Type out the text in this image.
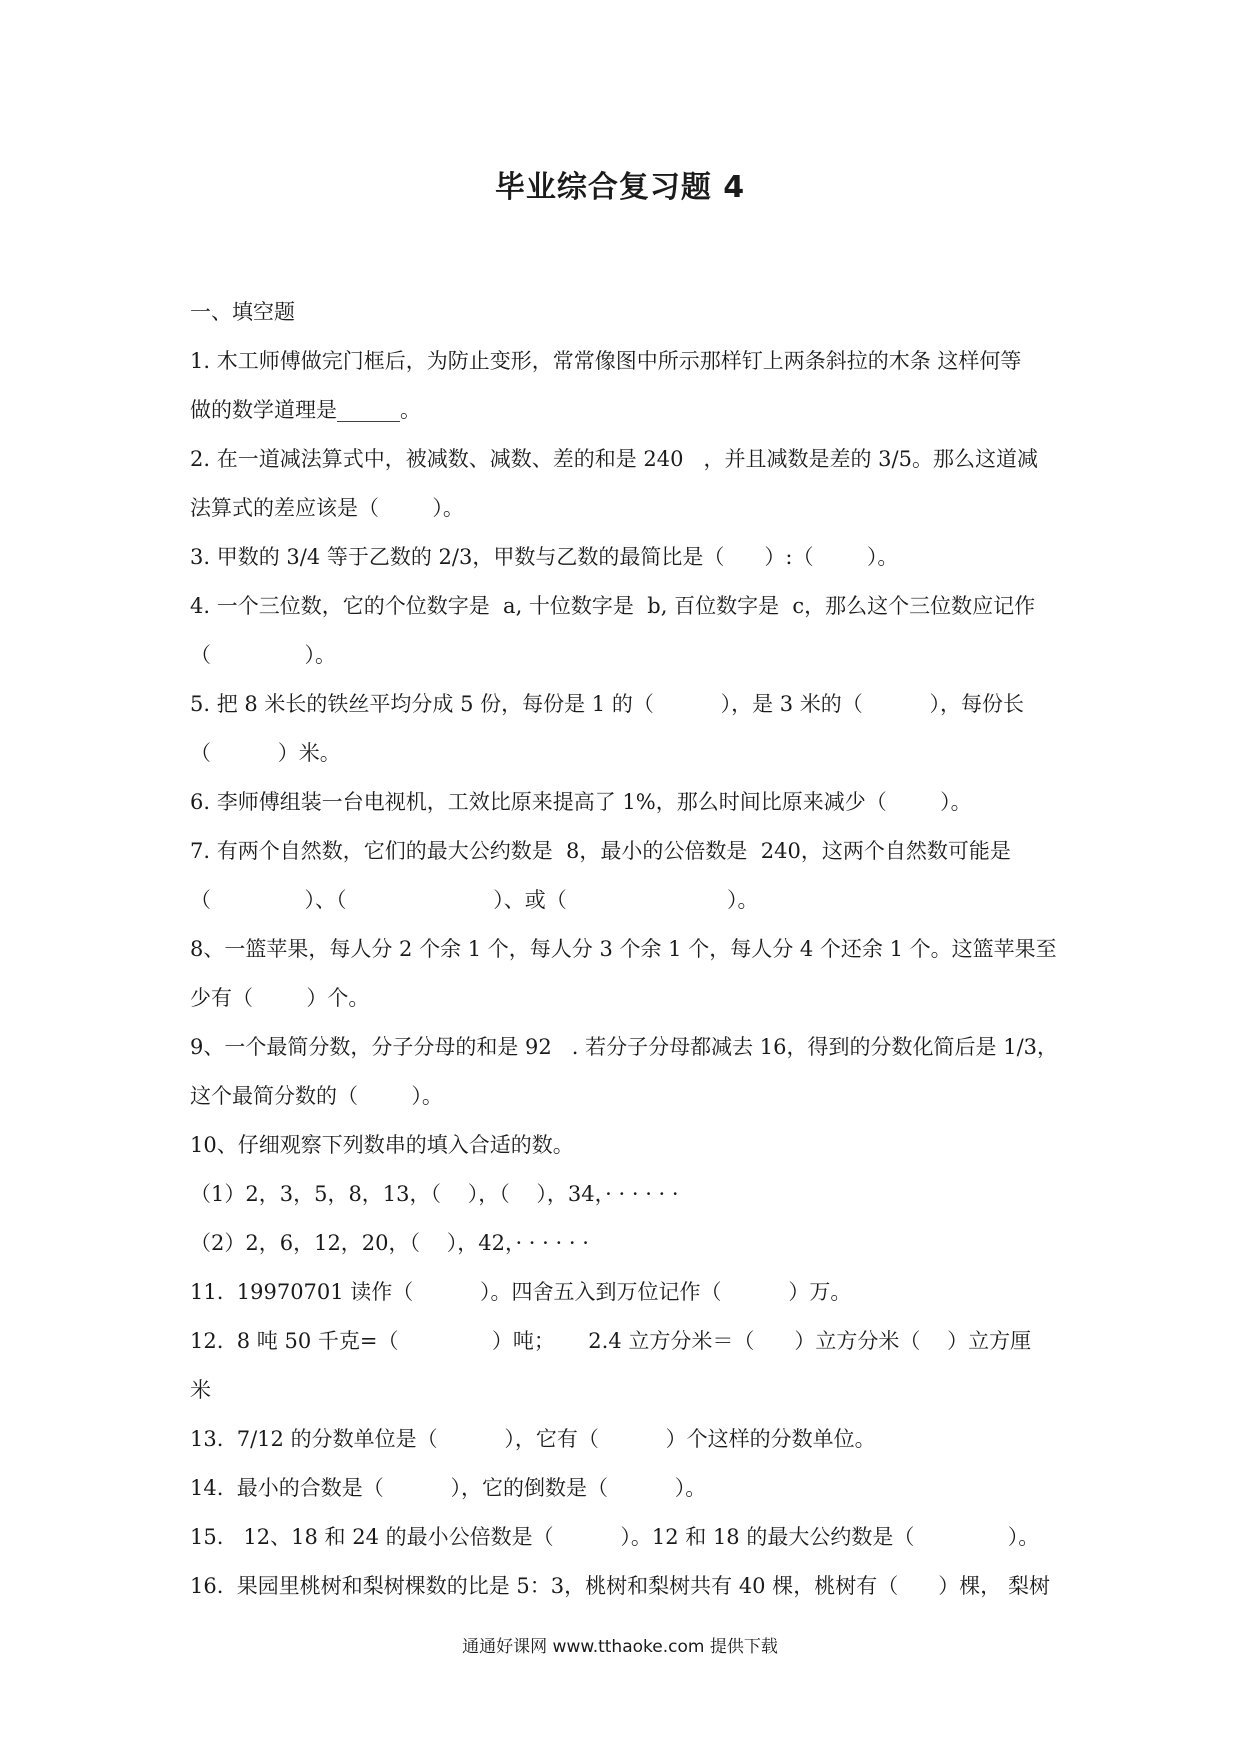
毕业综合复习题 4
一、填空题
1. 木工师傅做完门框后，为防止变形，常常像图中所示那样钉上两条斜拉的木条 这样何等
做的数学道理是______。
2. 在一道减法算式中，被减数、减数、差的和是 240   ，并且减数是差的 3/5。那么这道减
法算式的差应该是（        ）。
3. 甲数的 3/4 等于乙数的 2/3，甲数与乙数的最简比是（      ）:（        ）。
4. 一个三位数，它的个位数字是  a, 十位数字是  b, 百位数字是  c，那么这个三位数应记作
（              ）。
5. 把 8 米长的铁丝平均分成 5 份，每份是 1 的（          ），是 3 米的（          ），每份长
（          ）米。
6. 李师傅组装一台电视机，工效比原来提高了 1%，那么时间比原来减少（        ）。
7. 有两个自然数，它们的最大公约数是  8，最小的公倍数是  240，这两个自然数可能是
（              ）、（                      ）、或（                        ）。
8、一篮苹果，每人分 2 个余 1 个，每人分 3 个余 1 个，每人分 4 个还余 1 个。这篮苹果至
少有（        ）个。
9、一个最简分数，分子分母的和是 92   . 若分子分母都减去 16，得到的分数化简后是 1/3，
这个最简分数的（        ）。
10、仔细观察下列数串的填入合适的数。
（1）2，3，5，8，13，（    ），（    ），34，· · · · · ·
（2）2，6，12，20，（    ），42，· · · · · ·
11.  19970701 读作（          ）。四舍五入到万位记作（          ）万。
12.  8 吨 50 千克=（              ）吨；     2.4 立方分米＝（      ）立方分米（    ）立方厘
米
13.  7/12 的分数单位是（          ），它有（          ）个这样的分数单位。
14.  最小的合数是（          ），它的倒数是（          ）。
15.   12、18 和 24 的最小公倍数是（          ）。12 和 18 的最大公约数是（              ）。
16.  果园里桃树和梨树棵数的比是 5：3，桃树和梨树共有 40 棵，桃树有（      ）棵， 梨树
通通好课网 www.tthaoke.com 提供下载
